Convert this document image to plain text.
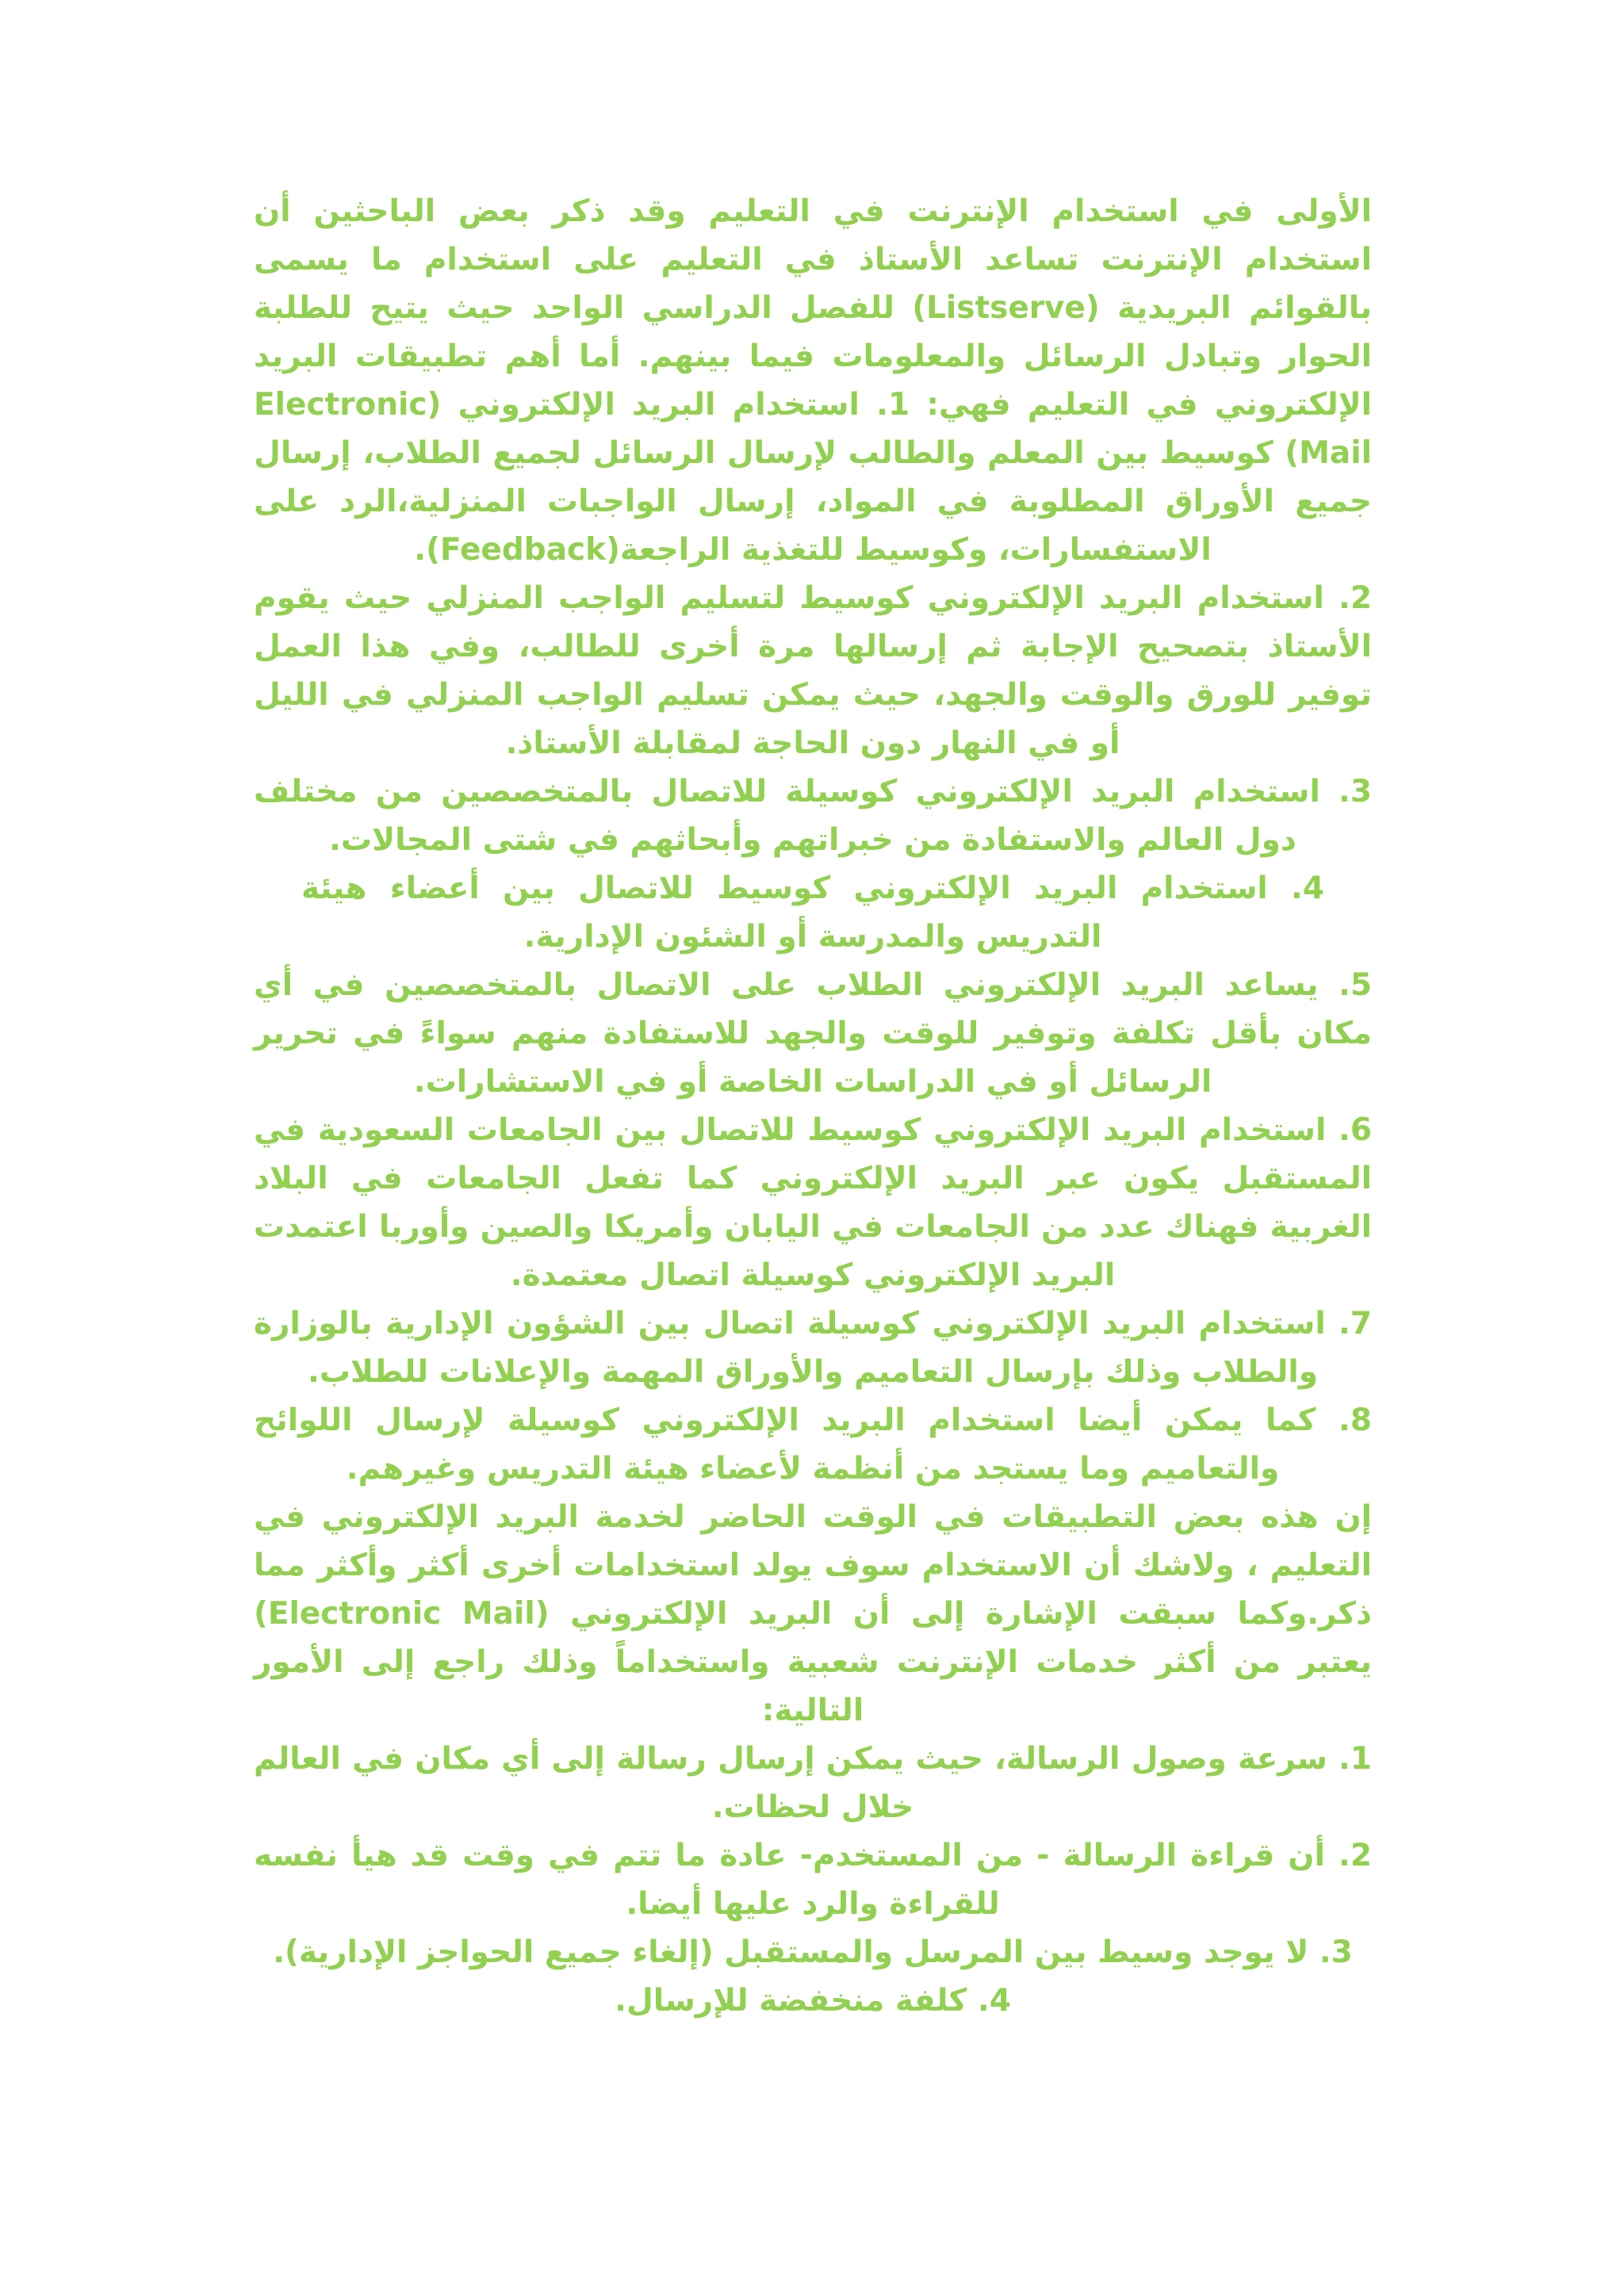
الأولى في استخدام الإنترنت في التعليم وقد ذكر بعض الباحثين أن استخدام الإنترنت تساعد الأستاذ في التعليم على استخدام ما يسمى بالقوائم البريدية (Listserve) للفصل الدراسي الواحد حيث يتيح للطلبة الحوار وتبادل الرسائل والمعلومات فيما بينهم. أما أهم تطبيقات البريد الإلكتروني في التعليم فهي: 1. استخدام البريد الإلكتروني (Electronic Mail) كوسيط بين المعلم والطالب لإرسال الرسائل لجميع الطلاب، إرسال جميع الأوراق المطلوبة في المواد، إرسال الواجبات المنزلية،الرد على الاستفسارات، وكوسيط للتغذية الراجعة(Feedback).

2. استخدام البريد الإلكتروني كوسيط لتسليم الواجب المنزلي حيث يقوم الأستاذ بتصحيح الإجابة ثم إرسالها مرة أخرى للطالب، وفي هذا العمل توفير للورق والوقت والجهد، حيث يمكن تسليم الواجب المنزلي في الليل أو في النهار دون الحاجة لمقابلة الأستاذ.

3. استخدام البريد الإلكتروني كوسيلة للاتصال بالمتخصصين من مختلف دول العالم والاستفادة من خبراتهم وأبحاثهم في شتى المجالات.

4. استخدام البريد الإلكتروني كوسيط للاتصال بين أعضاء هيئة التدريس والمدرسة أو الشئون الإدارية.

5. يساعد البريد الإلكتروني الطلاب على الاتصال بالمتخصصين في أي مكان بأقل تكلفة وتوفير للوقت والجهد للاستفادة منهم سواءً في تحرير الرسائل أو في الدراسات الخاصة أو في الاستشارات.

6. استخدام البريد الإلكتروني كوسيط للاتصال بين الجامعات السعودية في المستقبل يكون عبر البريد الإلكتروني كما تفعل الجامعات في البلاد الغربية فهناك عدد من الجامعات في اليابان وأمريكا والصين وأوربا اعتمدت البريد الإلكتروني كوسيلة اتصال معتمدة.

7. استخدام البريد الإلكتروني كوسيلة اتصال بين الشؤون الإدارية بالوزارة والطلاب وذلك بإرسال التعاميم والأوراق المهمة والإعلانات للطلاب.

8. كما يمكن أيضا استخدام البريد الإلكتروني كوسيلة لإرسال اللوائح والتعاميم وما يستجد من أنظمة لأعضاء هيئة التدريس وغيرهم.

إن هذه بعض التطبيقات في الوقت الحاضر لخدمة البريد الإلكتروني في التعليم ، ولاشك أن الاستخدام سوف يولد استخدامات أخرى أكثر وأكثر مما ذكر.وكما سبقت الإشارة إلى أن البريد الإلكتروني (Electronic Mail) يعتبر من أكثر خدمات الإنترنت شعبية واستخداماً وذلك راجع إلى الأمور التالية:

1. سرعة وصول الرسالة، حيث يمكن إرسال رسالة إلى أي مكان في العالم خلال لحظات.

2. أن قراءة الرسالة - من المستخدم- عادة ما تتم في وقت قد هيأ نفسه للقراءة والرد عليها أيضا.

3. لا يوجد وسيط بين المرسل والمستقبل (إلغاء جميع الحواجز الإدارية).

4. كلفة منخفضة للإرسال.
